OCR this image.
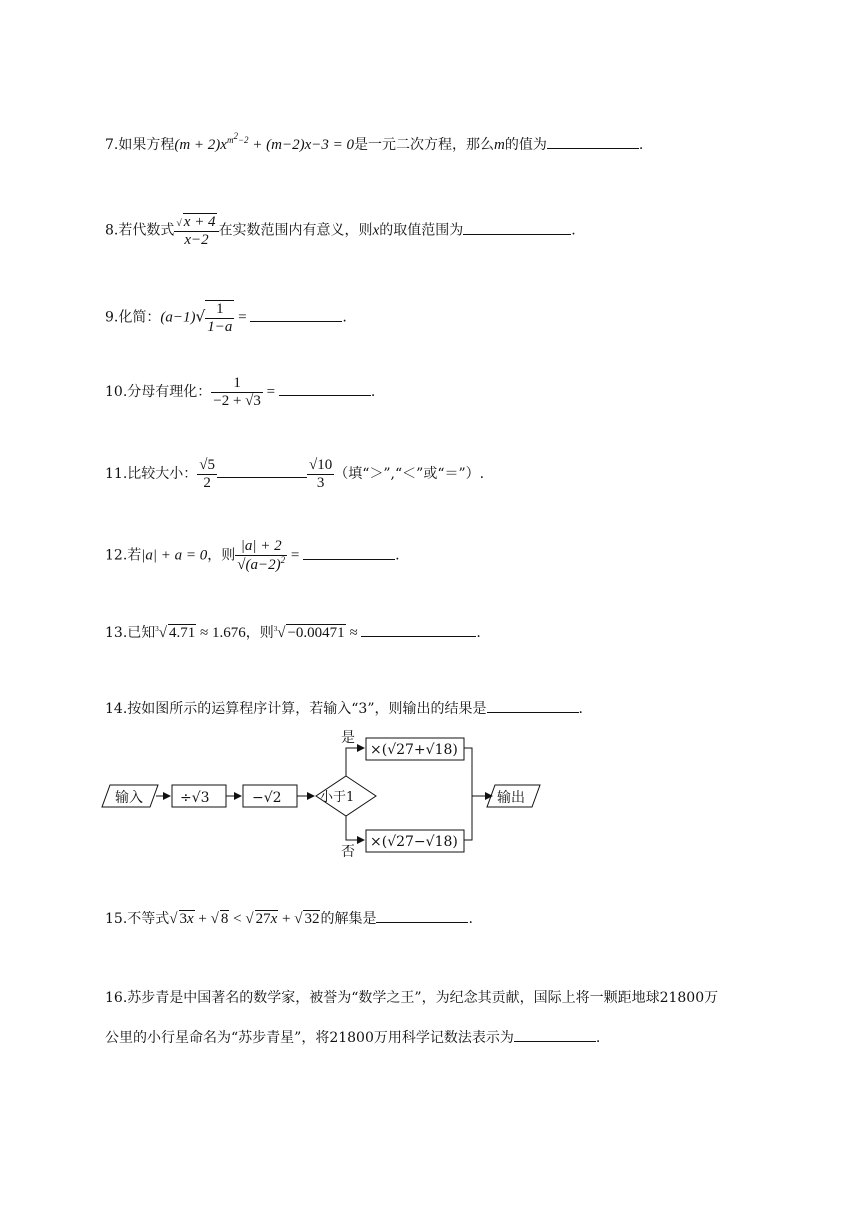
7.如果方程$(m + 2)x^{m^2-2} + (m-2)x-3 = 0$是一元二次方程，那么m的值为	.
8.若代数式 $\frac{√ x + 4}{x-2}$ 在实数范围内有意义，则x的取值范围为	.
9.化简：$(a-1)√ \frac{1}{1-a}$ =	.
10.分母有理化： $\frac{1}{-2 + √3}$ =	.
11.比较大小： $\frac{√5}{2}$	$\frac{√10}{3}$ （填“＞”,“＜”或“＝”）.
12.若|a| + a = 0，则 $\frac{|a| + 2}{√(a-2)^2}$ =	.
13.已知$^3$√ 4.71 ≈ 1.676，则$^3$√ −0.00471 ≈	.
14.按如图所示的运算程序计算，若输入“3”，则输出的结果是	.
输入	÷√3	−√2	小于1
是
否
×(√27+√18)
×(√27−√18)
输出
15.不等式√ 3x + √ 8 < √ 27x + √ 32的解集是	.
16.苏步青是中国著名的数学家，被誉为“数学之王”，为纪念其贡献，国际上将一颗距地球21800万
公里的小行星命名为“苏步青星”，将21800万用科学记数法表示为	.
